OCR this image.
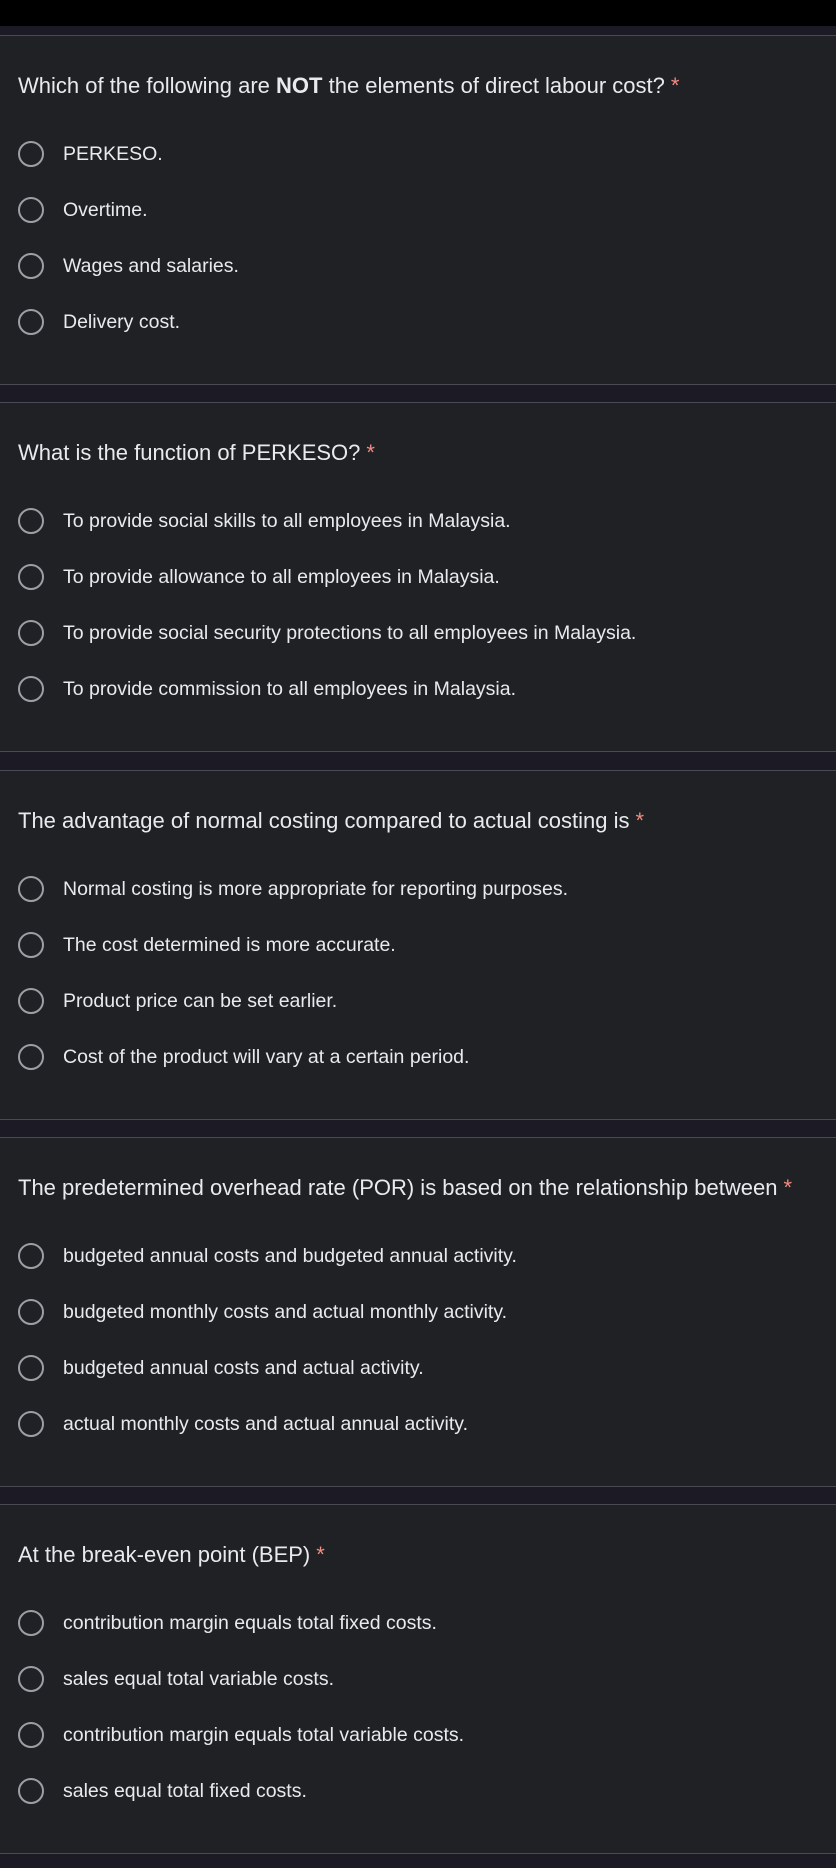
Which of the following are NOT the elements of direct labour cost? *
PERKESO.
Overtime.
Wages and salaries.
Delivery cost.
What is the function of PERKESO? *
To provide social skills to all employees in Malaysia.
To provide allowance to all employees in Malaysia.
To provide social security protections to all employees in Malaysia.
To provide commission to all employees in Malaysia.
The advantage of normal costing compared to actual costing is *
Normal costing is more appropriate for reporting purposes.
The cost determined is more accurate.
Product price can be set earlier.
Cost of the product will vary at a certain period.
The predetermined overhead rate (POR) is based on the relationship between *
budgeted annual costs and budgeted annual activity.
budgeted monthly costs and actual monthly activity.
budgeted annual costs and actual activity.
actual monthly costs and actual annual activity.
At the break-even point (BEP) *
contribution margin equals total fixed costs.
sales equal total variable costs.
contribution margin equals total variable costs.
sales equal total fixed costs.
